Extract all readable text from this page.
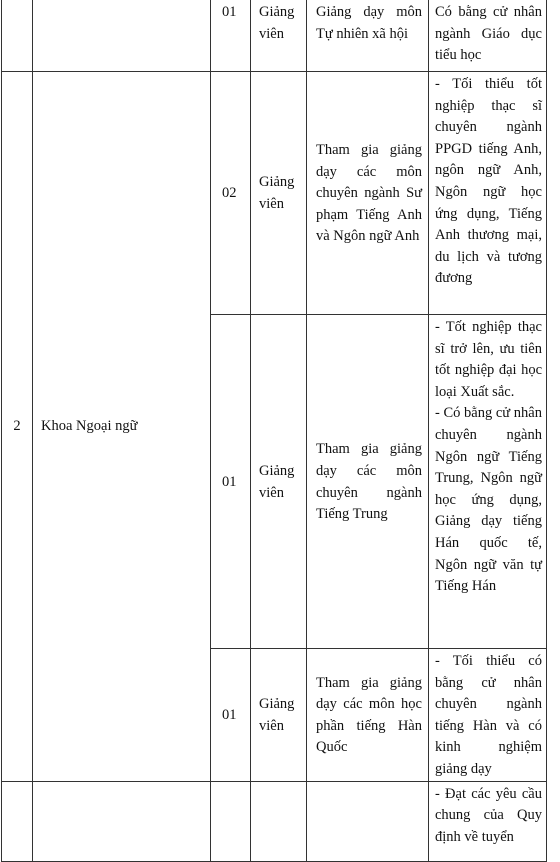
		01	Giảng viên	Giảng dạy môn Tự nhiên xã hội	Có bằng cử nhân ngành Giáo dục tiểu học

2	Khoa Ngoại ngữ	02	Giảng viên	Tham gia giảng dạy các môn chuyên ngành Sư phạm Tiếng Anh và Ngôn ngữ Anh	- Tối thiểu tốt nghiệp thạc sĩ chuyên ngành PPGD tiếng Anh, ngôn ngữ Anh, Ngôn ngữ học ứng dụng, Tiếng Anh thương mại, du lịch và tương đương

		01	Giảng viên	Tham gia giảng dạy các môn chuyên ngành Tiếng Trung	- Tốt nghiệp thạc sĩ trở lên, ưu tiên tốt nghiệp đại học loại Xuất sắc.
- Có bằng cử nhân chuyên ngành Ngôn ngữ Tiếng Trung, Ngôn ngữ học ứng dụng, Giảng dạy tiếng Hán quốc tế, Ngôn ngữ văn tự Tiếng Hán

		01	Giảng viên	Tham gia giảng dạy các môn học phần tiếng Hàn Quốc	- Tối thiểu có bằng cử nhân chuyên ngành tiếng Hàn và có kinh nghiệm giảng dạy

					- Đạt các yêu cầu chung của Quy định về tuyển
